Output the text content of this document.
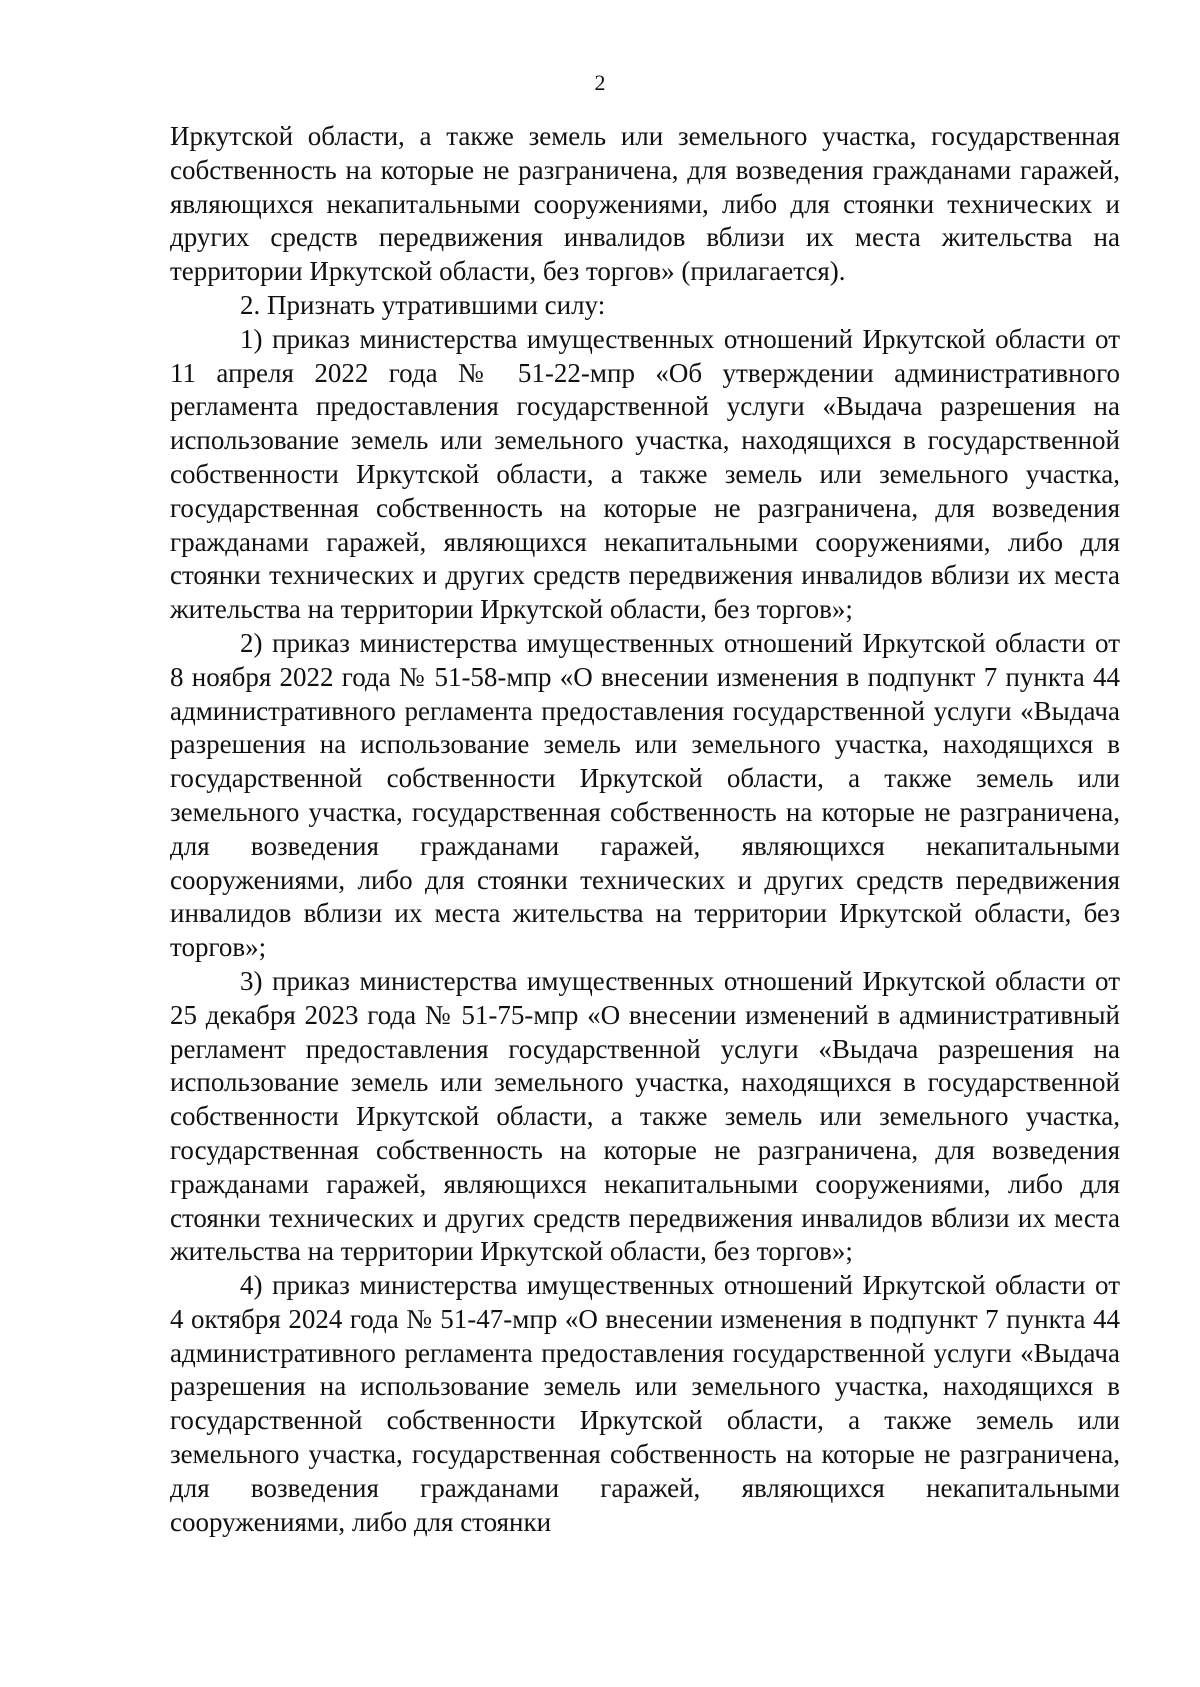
2

Иркутской области, а также земель или земельного участка, государственная собственность на которые не разграничена, для возведения гражданами гаражей, являющихся некапитальными сооружениями, либо для стоянки технических и других средств передвижения инвалидов вблизи их места жительства на территории Иркутской области, без торгов» (прилагается).

2. Признать утратившими силу:

1) приказ министерства имущественных отношений Иркутской области от 11 апреля 2022 года № 51-22-мпр «Об утверждении административного регламента предоставления государственной услуги «Выдача разрешения на использование земель или земельного участка, находящихся в государственной собственности Иркутской области, а также земель или земельного участка, государственная собственность на которые не разграничена, для возведения гражданами гаражей, являющихся некапитальными сооружениями, либо для стоянки технических и других средств передвижения инвалидов вблизи их места жительства на территории Иркутской области, без торгов»;

2) приказ министерства имущественных отношений Иркутской области от 8 ноября 2022 года № 51-58-мпр «О внесении изменения в подпункт 7 пункта 44 административного регламента предоставления государственной услуги «Выдача разрешения на использование земель или земельного участка, находящихся в государственной собственности Иркутской области, а также земель или земельного участка, государственная собственность на которые не разграничена, для возведения гражданами гаражей, являющихся некапитальными сооружениями, либо для стоянки технических и других средств передвижения инвалидов вблизи их места жительства на территории Иркутской области, без торгов»;

3) приказ министерства имущественных отношений Иркутской области от 25 декабря 2023 года № 51-75-мпр «О внесении изменений в административный регламент предоставления государственной услуги «Выдача разрешения на использование земель или земельного участка, находящихся в государственной собственности Иркутской области, а также земель или земельного участка, государственная собственность на которые не разграничена, для возведения гражданами гаражей, являющихся некапитальными сооружениями, либо для стоянки технических и других средств передвижения инвалидов вблизи их места жительства на территории Иркутской области, без торгов»;

4) приказ министерства имущественных отношений Иркутской области от 4 октября 2024 года № 51-47-мпр «О внесении изменения в подпункт 7 пункта 44 административного регламента предоставления государственной услуги «Выдача разрешения на использование земель или земельного участка, находящихся в государственной собственности Иркутской области, а также земель или земельного участка, государственная собственность на которые не разграничена, для возведения гражданами гаражей, являющихся некапитальными сооружениями, либо для стоянки
